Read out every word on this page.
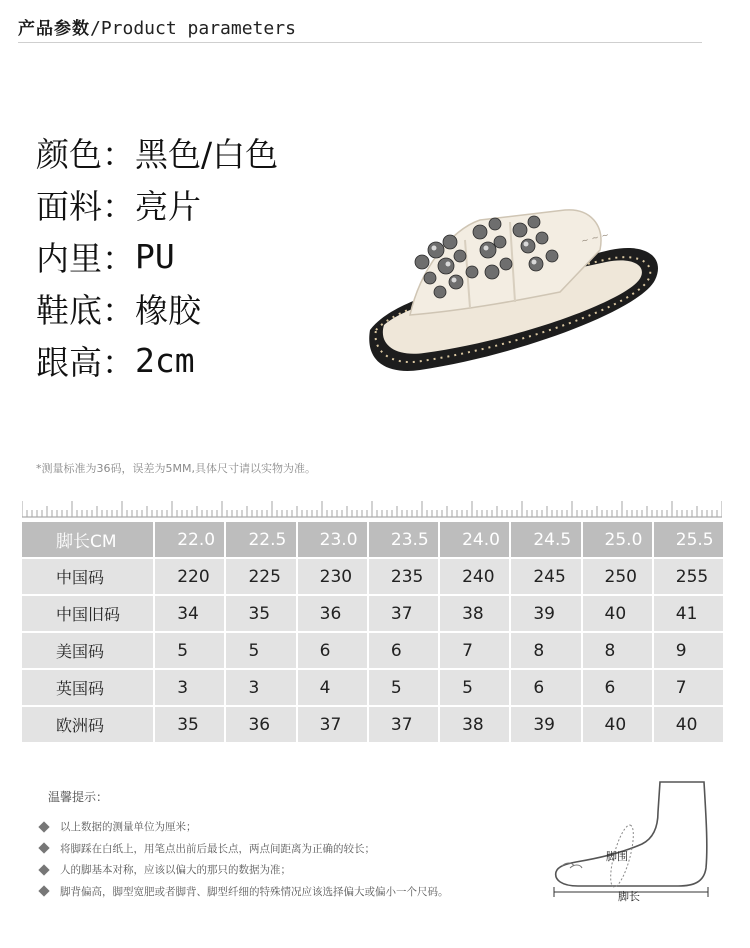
产品参数 /Product parameters
颜色： 黑色/白色
面料： 亮片
内里： PU
鞋底： 橡胶
跟高： 2cm
~ ~ ~
*测量标准为36码，误差为5MM,具体尺寸请以实物为准。
脚长CM	22.0	22.5	23.0	23.5	24.0	24.5	25.0	25.5
中国码	220	225	230	235	240	245	250	255
中国旧码	34	35	36	37	38	39	40	41
美国码	5	5	6	6	7	8	8	9
英国码	3	3	4	5	5	6	6	7
欧洲码	35	36	37	37	38	39	40	40
温馨提示：
以上数据的测量单位为厘米；
将脚踩在白纸上，用笔点出前后最长点，两点间距离为正确的较长；
人的脚基本对称，应该以偏大的那只的数据为准；
脚背偏高，脚型宽肥或者脚背、脚型纤细的特殊情况应该选择偏大或偏小一个尺码。
脚围
脚长
